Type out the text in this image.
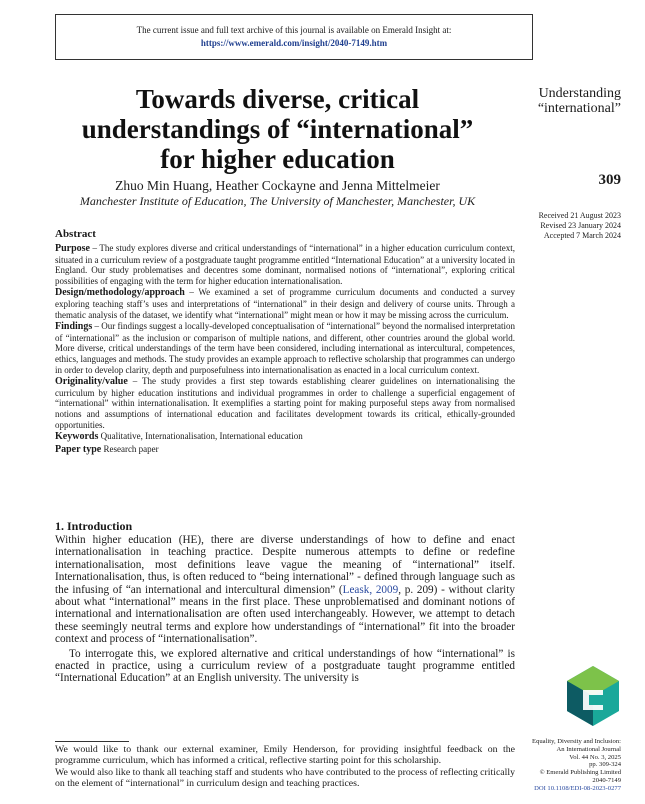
The current issue and full text archive of this journal is available on Emerald Insight at:
https://www.emerald.com/insight/2040-7149.htm
Towards diverse, critical
understandings of “international”
for higher education
Zhuo Min Huang, Heather Cockayne and Jenna Mittelmeier
Manchester Institute of Education, The University of Manchester, Manchester, UK
Understanding
“international”
309
Received 21 August 2023
Revised 23 January 2024
Accepted 7 March 2024
Abstract

Purpose – The study explores diverse and critical understandings of “international” in a higher education curriculum context, situated in a curriculum review of a postgraduate taught programme entitled “International Education” at a university located in England. Our study problematises and decentres some dominant, normalised notions of “international”, exploring critical possibilities of engaging with the term for higher education internationalisation.

Design/methodology/approach – We examined a set of programme curriculum documents and conducted a survey exploring teaching staff’s uses and interpretations of “international” in their design and delivery of course units. Through a thematic analysis of the dataset, we identify what “international” might mean or how it may be missing across the curriculum.

Findings – Our findings suggest a locally-developed conceptualisation of “international” beyond the normalised interpretation of “international” as the inclusion or comparison of multiple nations, and different, other countries around the global world. More diverse, critical understandings of the term have been considered, including international as intercultural, competences, ethics, languages and methods. The study provides an example approach to reflective scholarship that programmes can undergo in order to develop clarity, depth and purposefulness into internationalisation as enacted in a local curriculum context.

Originality/value – The study provides a first step towards establishing clearer guidelines on internationalising the curriculum by higher education institutions and individual programmes in order to challenge a superficial engagement of “international” within internationalisation. It exemplifies a starting point for making purposeful steps away from normalised notions and assumptions of international education and facilitates development towards its critical, ethically-grounded opportunities.

Keywords Qualitative, Internationalisation, International education

Paper type Research paper

1. Introduction

Within higher education (HE), there are diverse understandings of how to define and enact internationalisation in teaching practice. Despite numerous attempts to define or redefine internationalisation, most definitions leave vague the meaning of “international” itself. Internationalisation, thus, is often reduced to “being international” - defined through language such as the infusing of “an international and intercultural dimension” (Leask, 2009, p. 209) - without clarity about what “international” means in the first place. These unproblematised and dominant notions of international and internationalisation are often used interchangeably. However, we attempt to detach these seemingly neutral terms and explore how understandings of “international” fit into the broader context and process of “internationalisation”.

To interrogate this, we explored alternative and critical understandings of how “international” is enacted in practice, using a curriculum review of a postgraduate taught programme entitled “International Education” at an English university. The university is

We would like to thank our external examiner, Emily Henderson, for providing insightful feedback on the programme curriculum, which has informed a critical, reflective starting point for this scholarship.

We would also like to thank all teaching staff and students who have contributed to the process of reflecting critically on the element of “international” in curriculum design and teaching practices.

Equality, Diversity and Inclusion:
An International Journal
Vol. 44 No. 3, 2025
pp. 309-324
© Emerald Publishing Limited
2040-7149
DOI 10.1108/EDI-08-2023-0277
